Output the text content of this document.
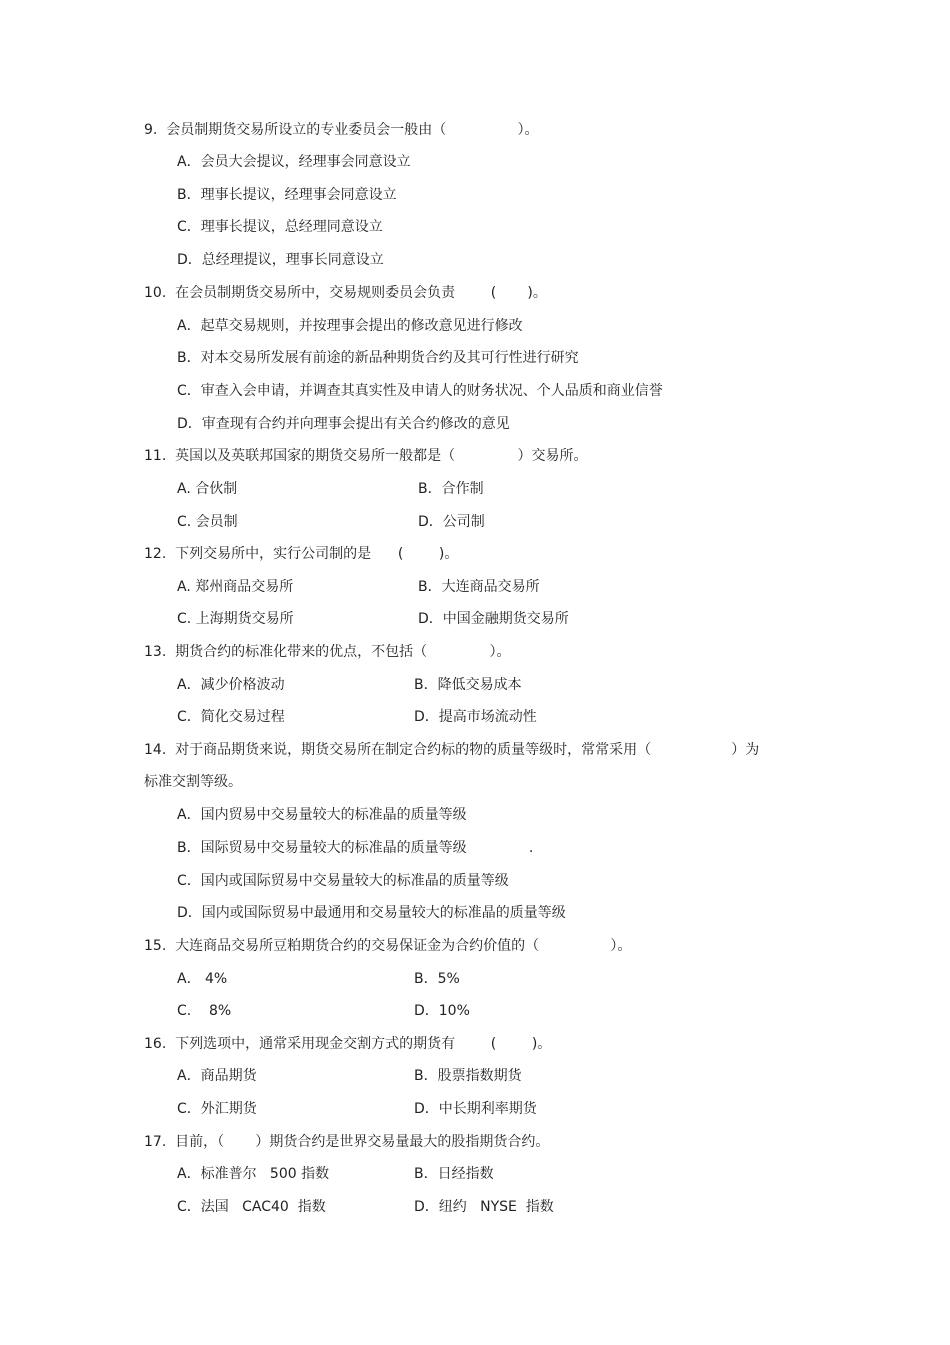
9.  会员制期货交易所设立的专业委员会一般由（                ）。
A．会员大会提议，经理事会同意设立
B．理事长提议，经理事会同意设立
C．理事长提议，总经理同意设立
D．总经理提议，理事长同意设立
10.  在会员制期货交易所中，交易规则委员会负责        (       )。
A．起草交易规则，并按理事会提出的修改意见进行修改
B．对本交易所发展有前途的新品种期货合约及其可行性进行研究
C．审查入会申请，并调查其真实性及申请人的财务状况、个人品质和商业信誉
D．审查现有合约并向理事会提出有关合约修改的意见
11.  英国以及英联邦国家的期货交易所一般都是（              ）交易所。
A. 合伙制	B．合作制
C. 会员制	D．公司制
12.  下列交易所中，实行公司制的是      (        )。
A. 郑州商品交易所	B．大连商品交易所
C. 上海期货交易所	D．中国金融期货交易所
13.  期货合约的标准化带来的优点，不包括（              ）。
A．减少价格波动	B．降低交易成本
C．简化交易过程	D．提高市场流动性
14.  对于商品期货来说，期货交易所在制定合约标的物的质量等级时，常常采用（                  ）为
标准交割等级。
A．国内贸易中交易量较大的标准晶的质量等级
B．国际贸易中交易量较大的标准晶的质量等级              .
C．国内或国际贸易中交易量较大的标准晶的质量等级
D．国内或国际贸易中最通用和交易量较大的标准晶的质量等级
15.  大连商品交易所豆粕期货合约的交易保证金为合约价值的（                ）。
A． 4%	B．5%
C.    8%	D．10%
16.  下列选项中，通常采用现金交割方式的期货有        (        )。
A．商品期货	B．股票指数期货
C．外汇期货	D．中长期利率期货
17.  目前，（       ）期货合约是世界交易量最大的股指期货合约。
A．标准普尔   500 指数	B．日经指数
C．法国   CAC40  指数	D．纽约   NYSE  指数
